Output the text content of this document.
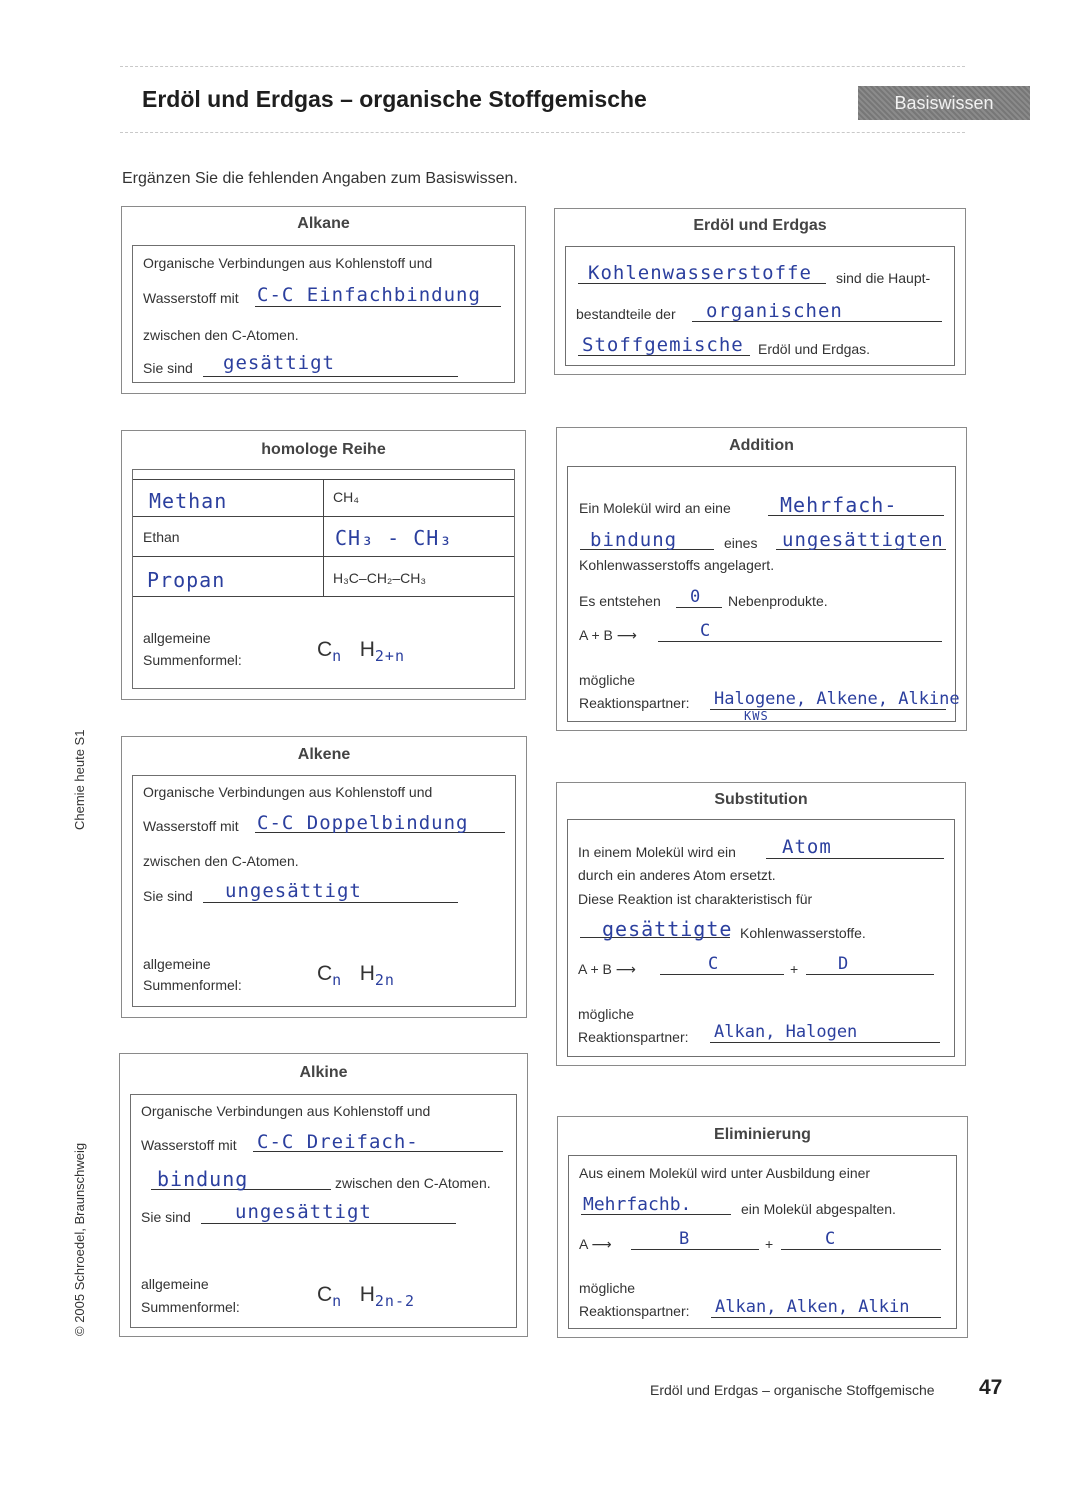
Erdöl und Erdgas – organische Stoffgemische	Basiswissen
Ergänzen Sie die fehlenden Angaben zum Basiswissen.
Alkane
Organische Verbindungen aus Kohlenstoff und
Wasserstoff mit C-C Einfachbindung
zwischen den C-Atomen.
Sie sind gesättigt
Erdöl und Erdgas
Kohlenwasserstoffe sind die Haupt-
bestandteile der organischen
Stoffgemische Erdöl und Erdgas.
homologe Reihe
Methan	CH₄
Ethan	CH₃ - CH₃
Propan	H₃C–CH₂–CH₃
allgemeine
Summenformel:	$C_n$ $H_{2+n}$
Addition
Ein Molekül wird an eine Mehrfach-
bindung	eines ungesättigten
Kohlenwasserstoffs angelagert.
Es entstehen 0 Nebenprodukte.
A + B ⟶	C
mögliche
Reaktionspartner: Halogene, Alkene, Alkine
KWS
Alkene
Organische Verbindungen aus Kohlenstoff und
Wasserstoff mit C-C Doppelbindung
zwischen den C-Atomen.
Sie sind ungesättigt
allgemeine
Summenformel:	$C_n$ $H_{2n}$
Substitution
In einem Molekül wird ein Atom
durch ein anderes Atom ersetzt.
Diese Reaktion ist charakteristisch für
gesättigte Kohlenwasserstoffe.
A + B ⟶	C	+ D
mögliche
Reaktionspartner: Alkan, Halogen
Alkine
Organische Verbindungen aus Kohlenstoff und
Wasserstoff mit C-C Dreifach-
bindung	zwischen den C-Atomen.
Sie sind ungesättigt
allgemeine
Summenformel:
$C_n$ $H_{2n-2}$
Eliminierung
Aus einem Molekül wird unter Ausbildung einer
Mehrfachb.	ein Molekül abgespalten.
A ⟶	B	+	C
mögliche
Reaktionspartner: Alkan, Alken, Alkin
Chemie heute S1
© 2005 Schroedel, Braunschweig
Erdöl und Erdgas – organische Stoffgemische 47
